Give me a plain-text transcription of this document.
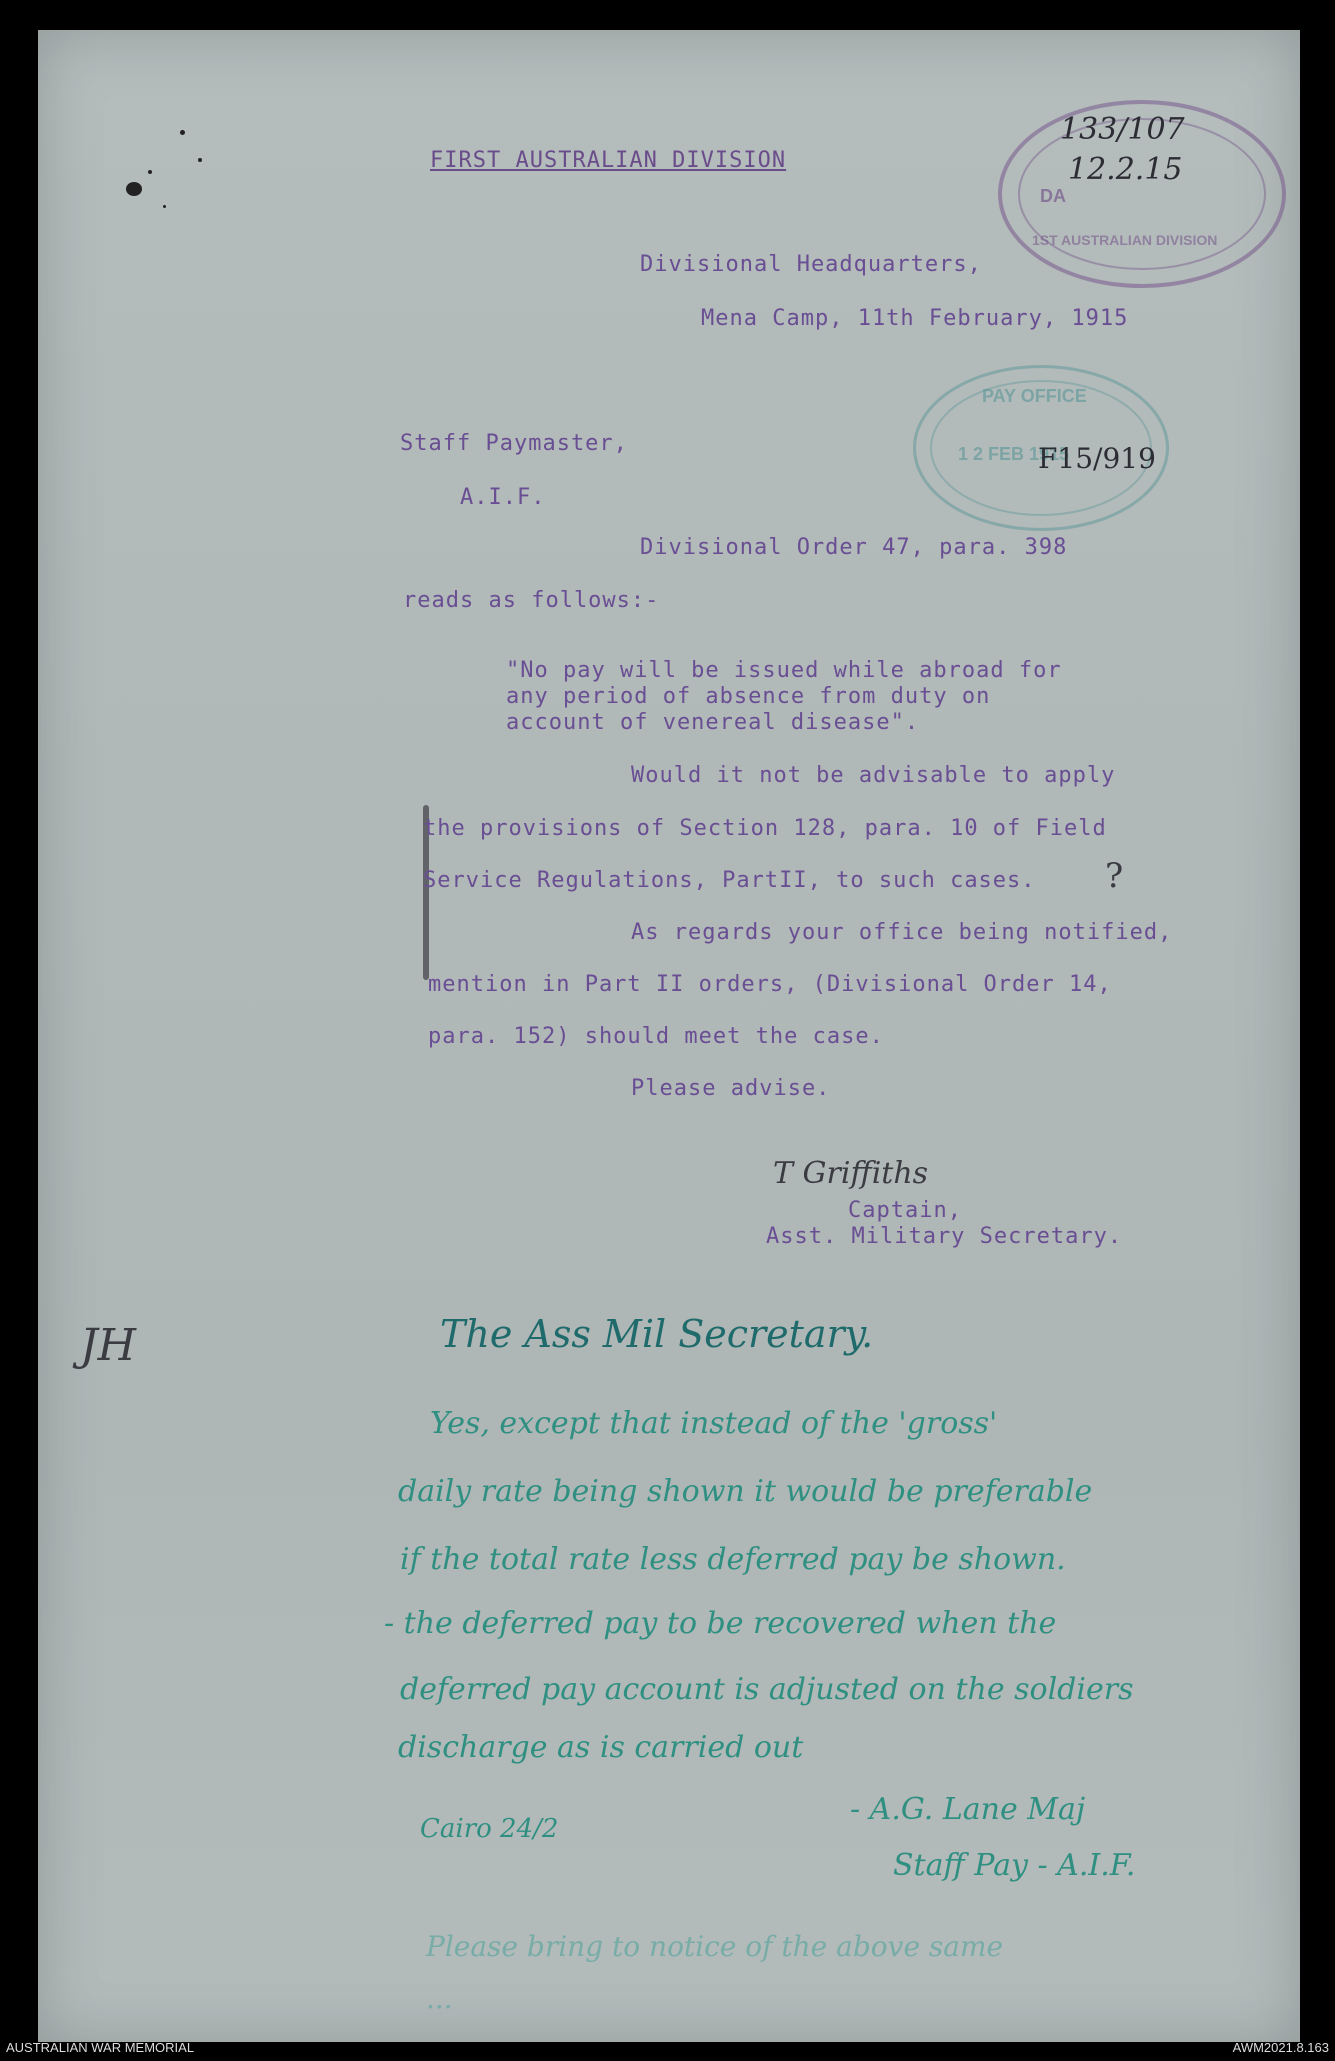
1ST AUSTRALIAN DIVISION
DA
133/107
12.2.15
PAY OFFICE
1 2 FEB 1915
F15/919
FIRST AUSTRALIAN DIVISION
Divisional Headquarters,
Mena Camp, 11th February, 1915
Staff Paymaster,
A.I.F.
Divisional Order 47, para. 398
reads as follows:-
"No pay will be issued while abroad for
any period of absence from duty on
account of venereal disease".
Would it not be advisable to apply
the provisions of Section 128, para. 10 of Field
Service Regulations, PartII, to such cases. ?
As regards your office being notified,
mention in Part II orders, (Divisional Order 14,
para. 152) should meet the case.
Please advise.
T Griffiths
Captain,
Asst. Military Secretary.
JH	The Ass Mil Secretary.
Yes, except that instead of the 'gross'
daily rate being shown it would be preferable
if the total rate less deferred pay be shown.
- the deferred pay to be recovered when the
deferred pay account is adjusted on the soldiers
discharge as is carried out
Cairo 24/2
- A.G. Lane Maj
Staff Pay - A.I.F.
Please bring to notice of the above same
...
AUSTRALIAN WAR MEMORIAL	AWM2021.8.163
